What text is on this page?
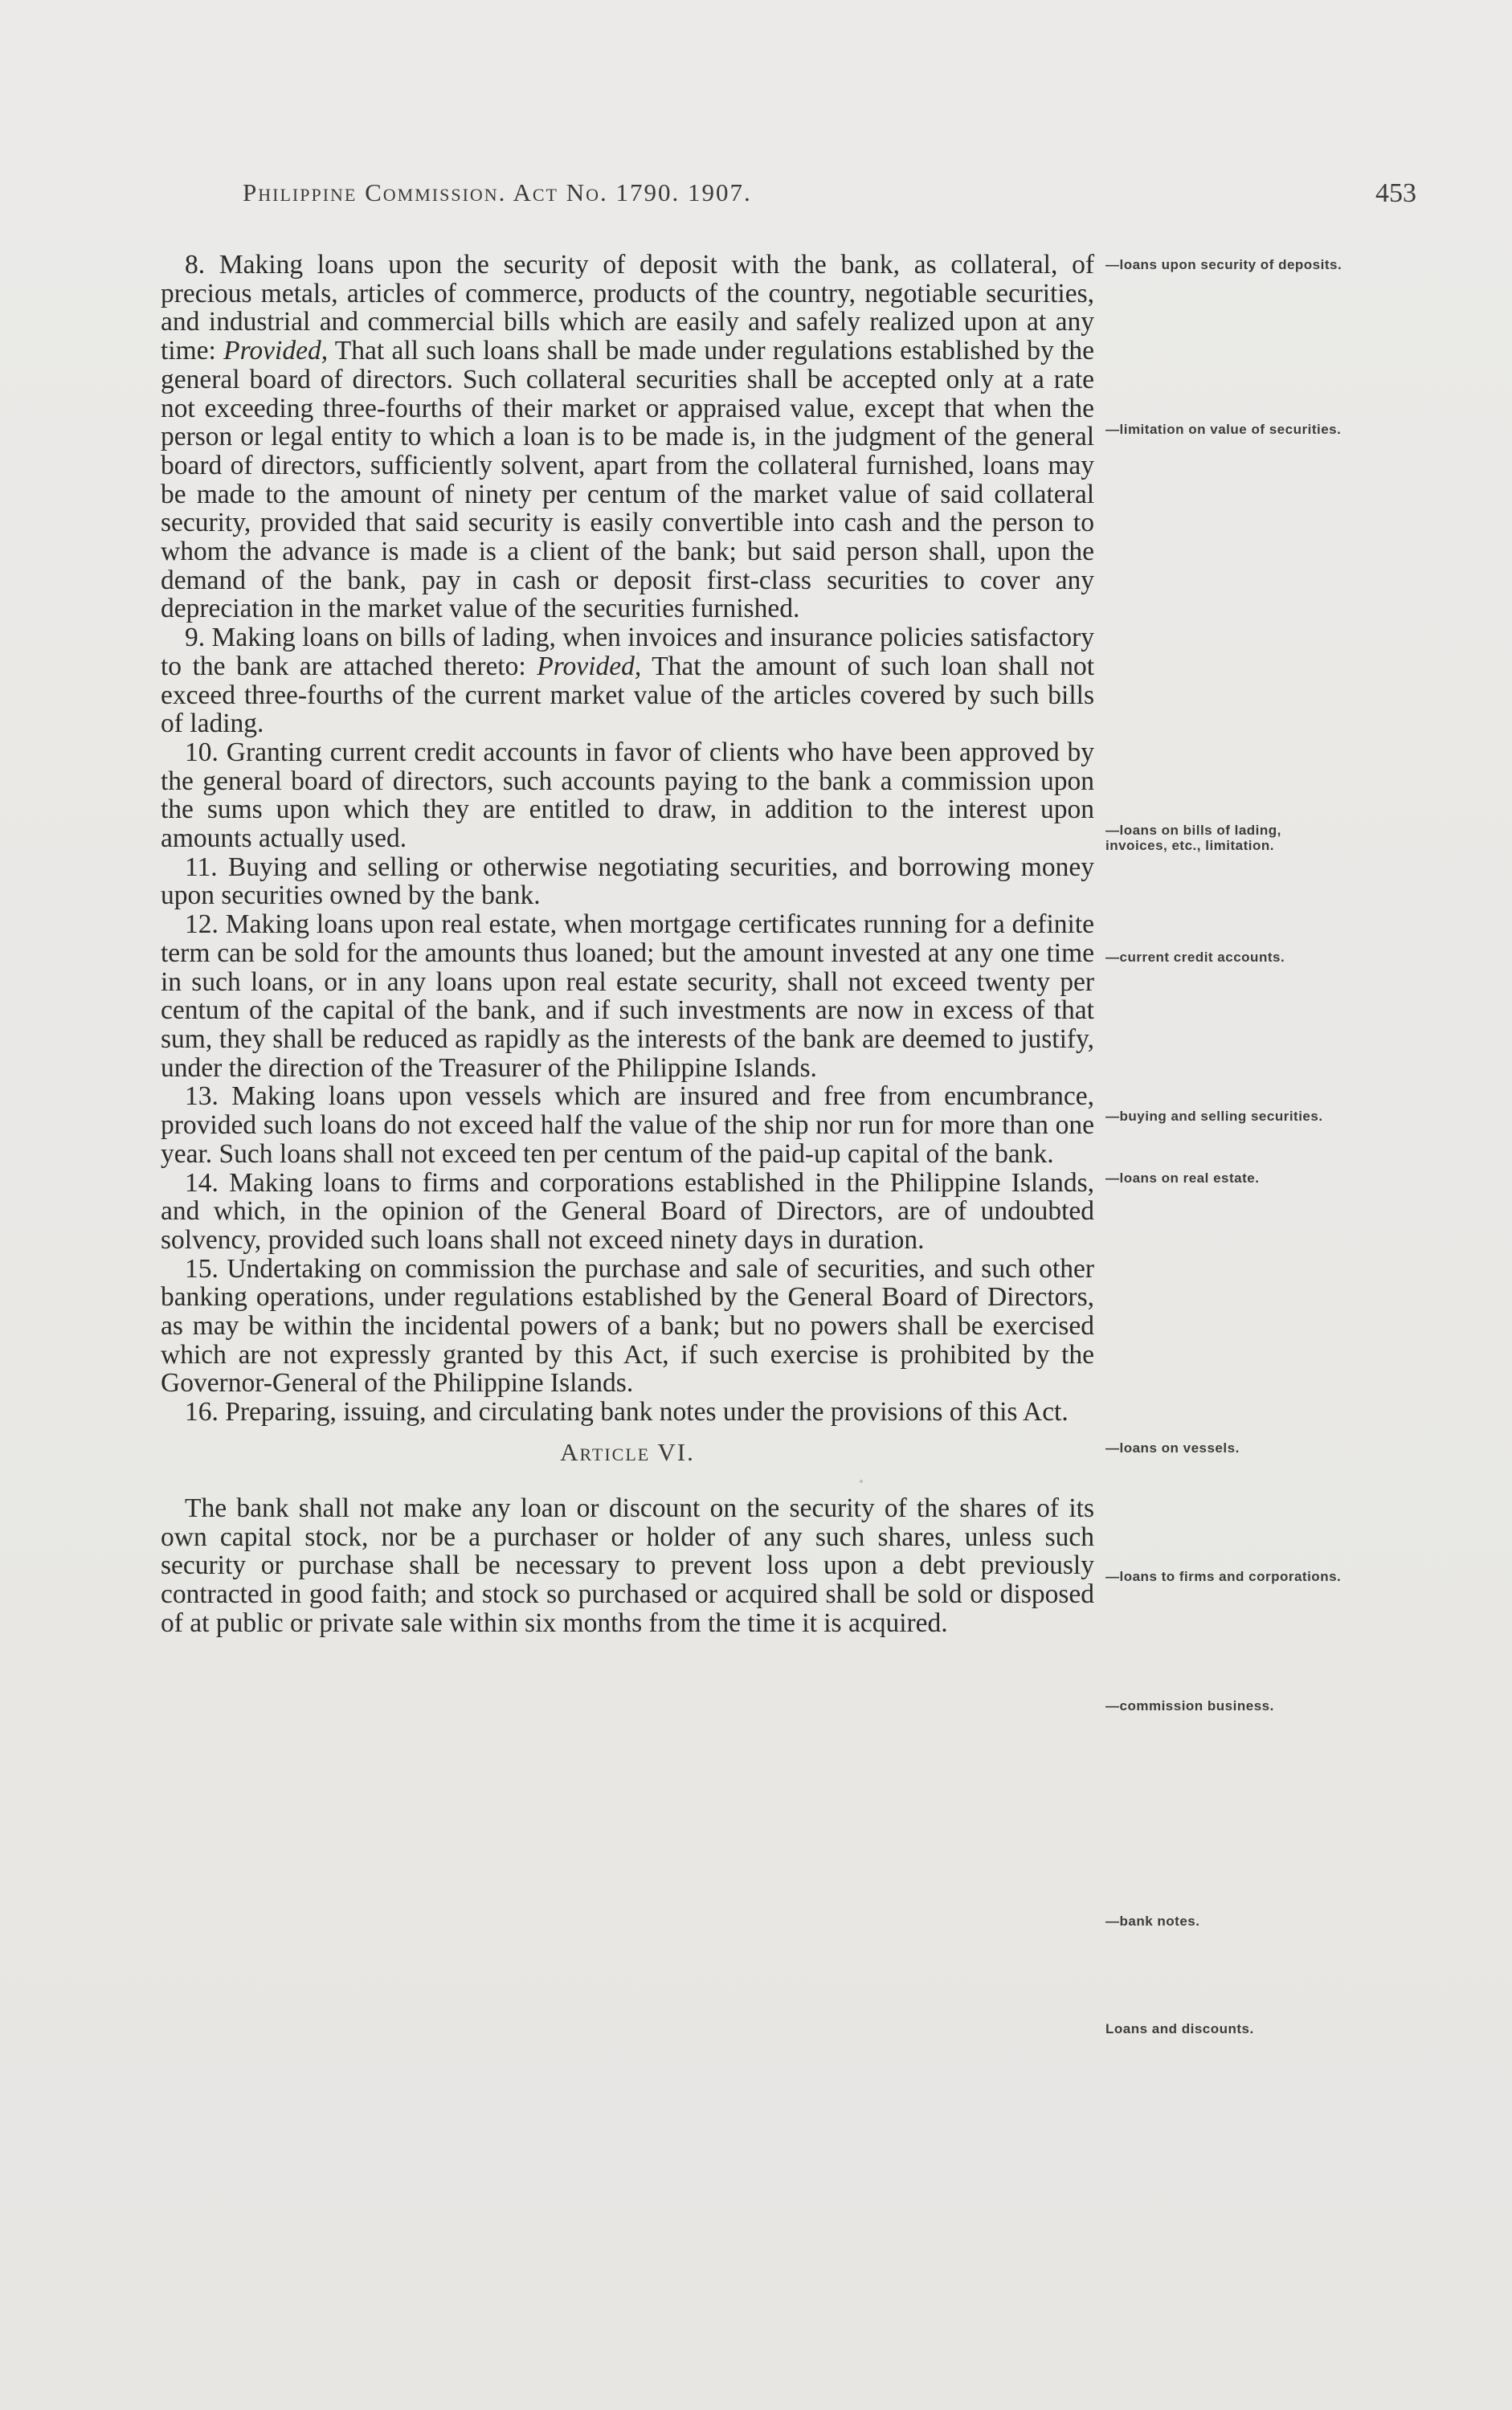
Philippine Commission. Act No. 1790. 1907.	453

8. Making loans upon the security of deposit with the bank, as collateral, of precious metals, articles of commerce, products of the country, negotiable securities, and industrial and commercial bills which are easily and safely realized upon at any time: Provided, That all such loans shall be made under regulations established by the general board of directors. Such collateral securities shall be accepted only at a rate not exceeding three-fourths of their market or appraised value, except that when the person or legal entity to which a loan is to be made is, in the judgment of the general board of directors, sufficiently solvent, apart from the collateral furnished, loans may be made to the amount of ninety per centum of the market value of said collateral security, provided that said security is easily convertible into cash and the person to whom the advance is made is a client of the bank; but said person shall, upon the demand of the bank, pay in cash or deposit first-class securities to cover any depreciation in the market value of the securities furnished.

9. Making loans on bills of lading, when invoices and insurance policies satisfactory to the bank are attached thereto: Provided, That the amount of such loan shall not exceed three-fourths of the current market value of the articles covered by such bills of lading.

10. Granting current credit accounts in favor of clients who have been approved by the general board of directors, such accounts paying to the bank a commission upon the sums upon which they are entitled to draw, in addition to the interest upon amounts actually used.

11. Buying and selling or otherwise negotiating securities, and borrowing money upon securities owned by the bank.

12. Making loans upon real estate, when mortgage certificates running for a definite term can be sold for the amounts thus loaned; but the amount invested at any one time in such loans, or in any loans upon real estate security, shall not exceed twenty per centum of the capital of the bank, and if such investments are now in excess of that sum, they shall be reduced as rapidly as the interests of the bank are deemed to justify, under the direction of the Treasurer of the Philippine Islands.

13. Making loans upon vessels which are insured and free from encumbrance, provided such loans do not exceed half the value of the ship nor run for more than one year. Such loans shall not exceed ten per centum of the paid-up capital of the bank.

14. Making loans to firms and corporations established in the Philippine Islands, and which, in the opinion of the General Board of Directors, are of undoubted solvency, provided such loans shall not exceed ninety days in duration.

15. Undertaking on commission the purchase and sale of securities, and such other banking operations, under regulations established by the General Board of Directors, as may be within the incidental powers of a bank; but no powers shall be exercised which are not expressly granted by this Act, if such exercise is prohibited by the Governor-General of the Philippine Islands.

16. Preparing, issuing, and circulating bank notes under the provisions of this Act.

Article VI.

The bank shall not make any loan or discount on the security of the shares of its own capital stock, nor be a purchaser or holder of any such shares, unless such security or purchase shall be necessary to prevent loss upon a debt previously contracted in good faith; and stock so purchased or acquired shall be sold or disposed of at public or private sale within six months from the time it is acquired.

—loans upon security of deposits.
—limitation on value of securities.
—loans on bills of lading, invoices, etc., limitation.
—current credit accounts.
—buying and selling securities.
—loans on real estate.
—loans on vessels.
—loans to firms and corporations.
—commission business.
—bank notes.
Loans and discounts.
